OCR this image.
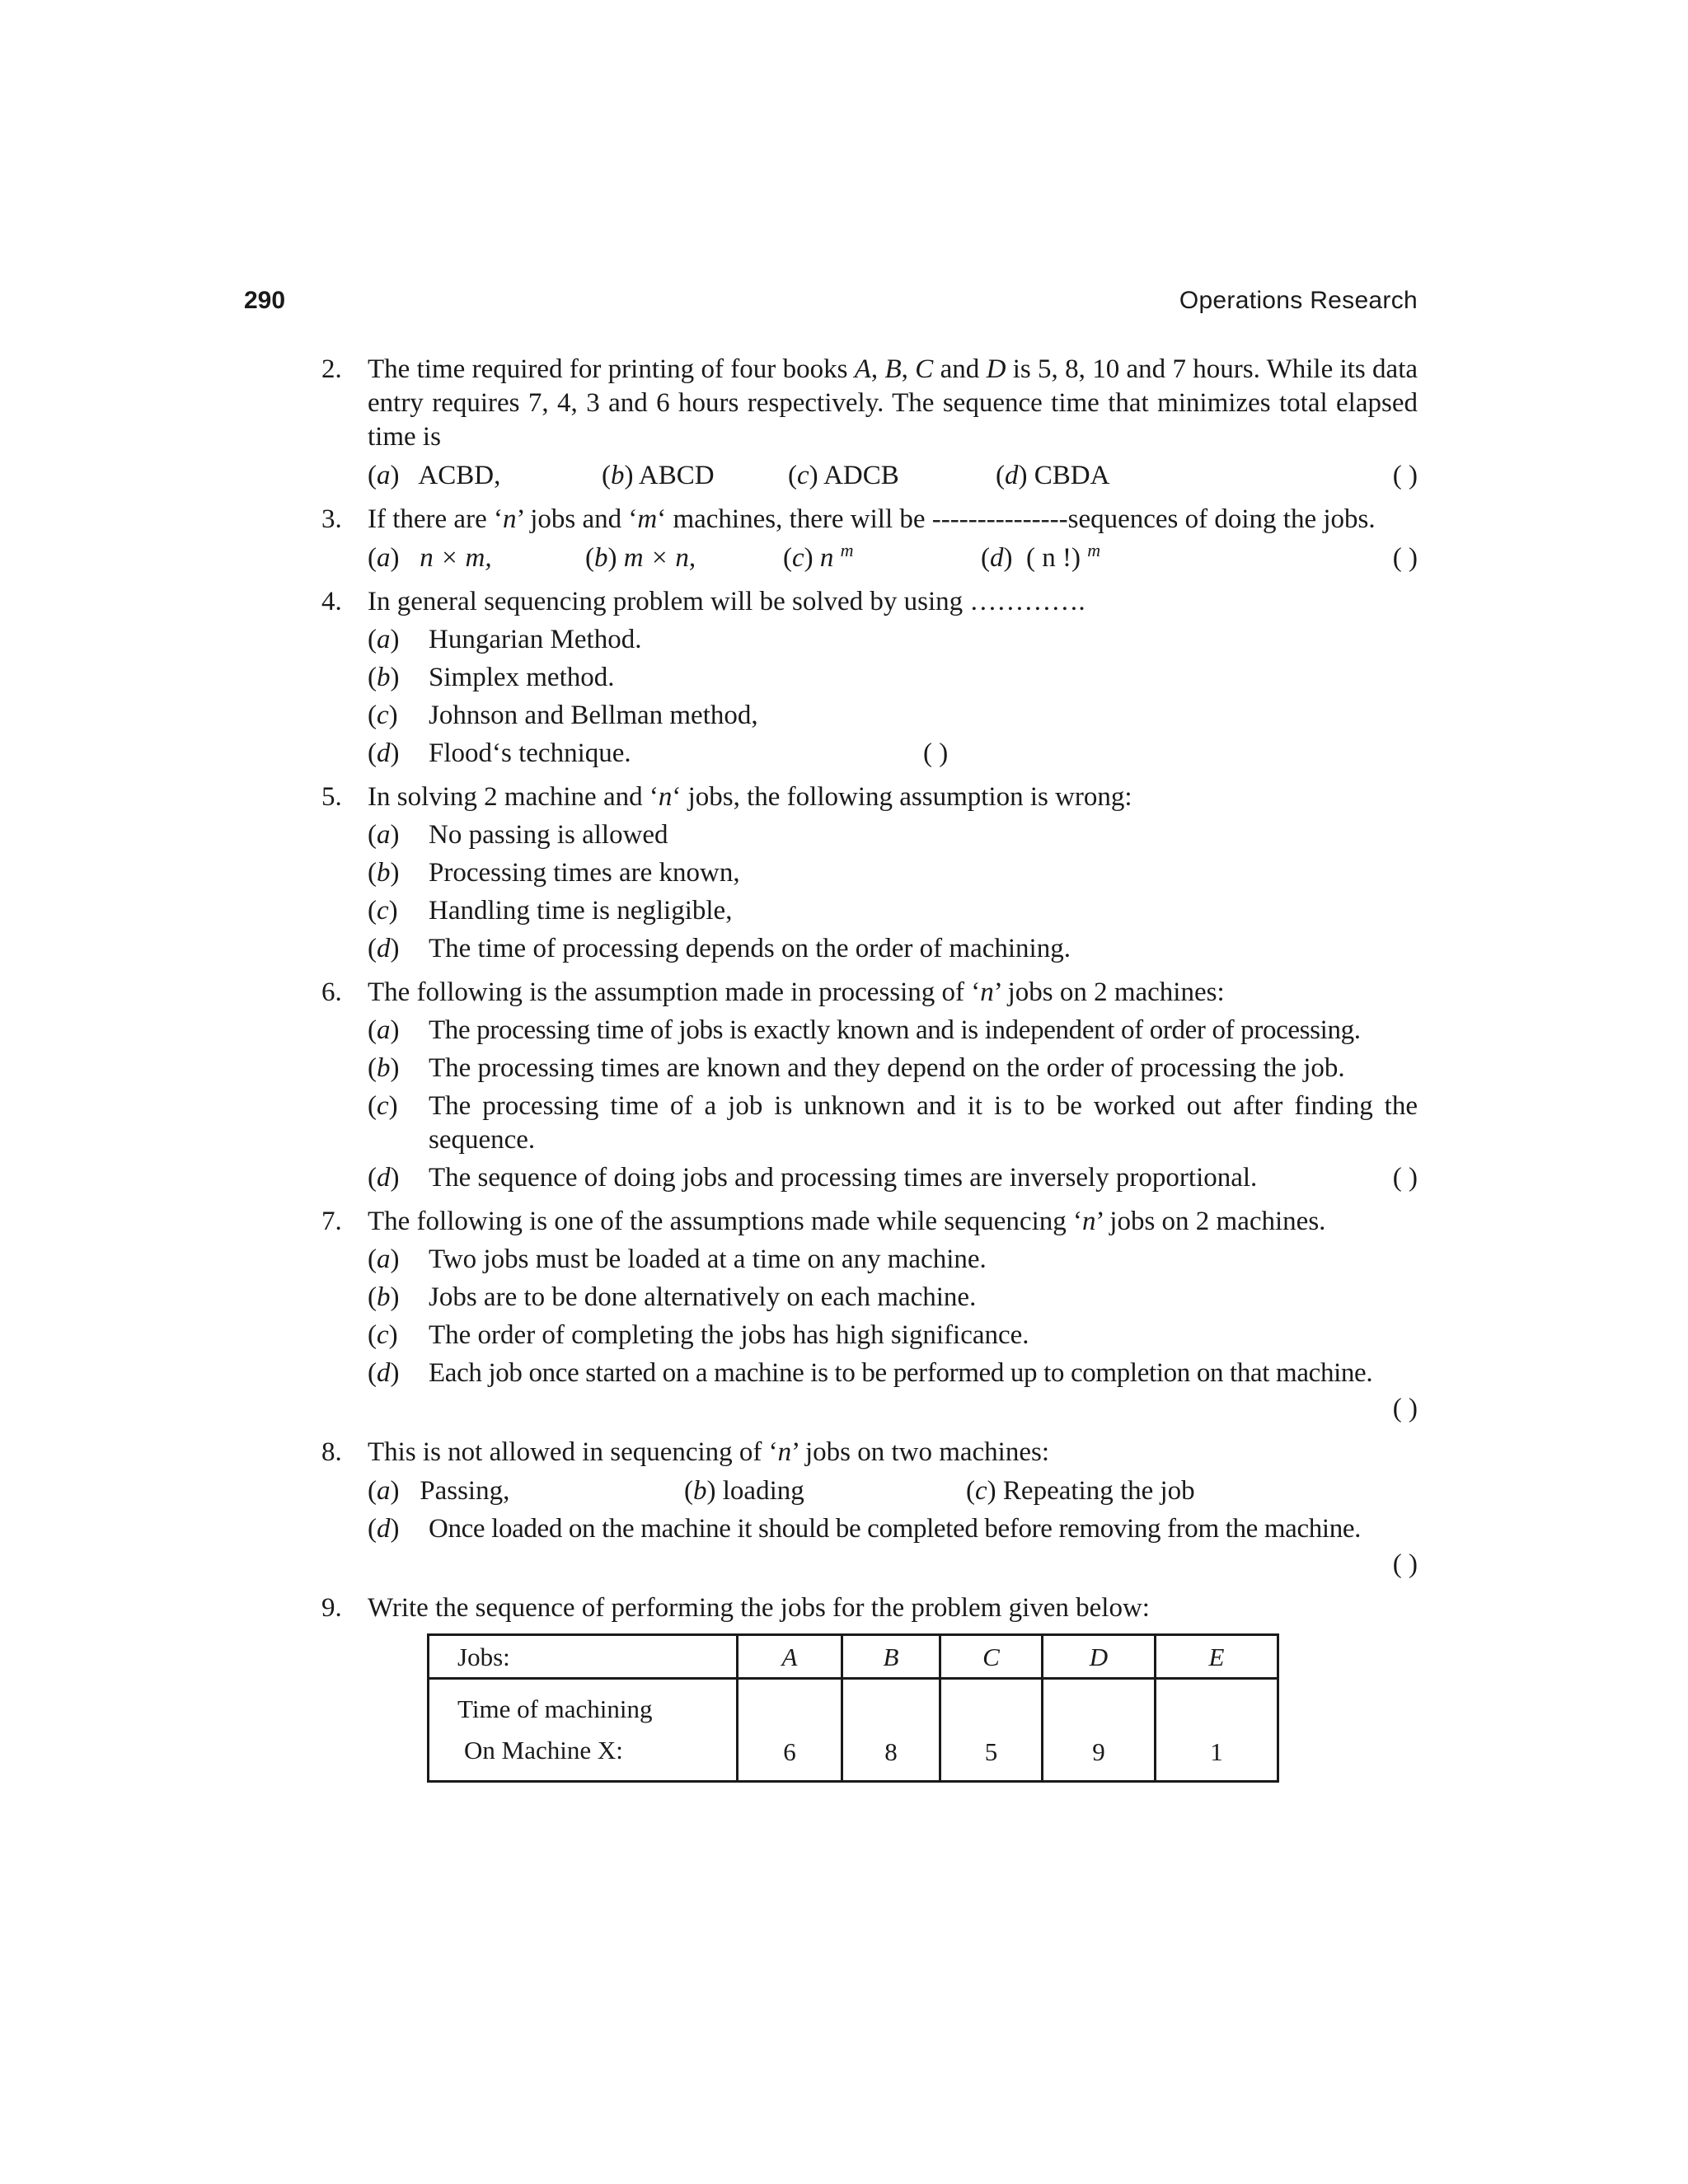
290	Operations Research
2. The time required for printing of four books A, B, C and D is 5, 8, 10 and 7 hours. While its data entry requires 7, 4, 3 and 6 hours respectively. The sequence time that minimizes total elapsed time is
(a)   ACBD,	(b) ABCD	(c) ADCB	(d) CBDA	( )
3. If there are ‘n’ jobs and ‘m‘ machines, there will be ---------------sequences of doing the jobs.
(a)   n × m,	(b) m × n,	(c) n $^m$	(d)  ( n !) $^m$	( )
4. In general sequencing problem will be solved by using ………….
(a) Hungarian Method.
(b) Simplex method.
(c) Johnson and Bellman method,
(d) Flood‘s technique.	( )
5. In solving 2 machine and ‘n‘ jobs, the following assumption is wrong:
(a) No passing is allowed
(b) Processing times are known,
(c) Handling time is negligible,
(d) The time of processing depends on the order of machining.
6. The following is the assumption made in processing of ‘n’ jobs on 2 machines:
(a) The processing time of jobs is exactly known and is independent of order of processing.
(b) The processing times are known and they depend on the order of processing the job.
(c) The processing time of a job is unknown and it is to be worked out after finding the sequence.
(d) The sequence of doing jobs and processing times are inversely proportional.	( )
7. The following is one of the assumptions made while sequencing ‘n’ jobs on 2 machines.
(a) Two jobs must be loaded at a time on any machine.
(b) Jobs are to be done alternatively on each machine.
(c) The order of completing the jobs has high significance.
(d) Each job once started on a machine is to be performed up to completion on that machine.
( )
8. This is not allowed in sequencing of ‘n’ jobs on two machines:
(a)   Passing,	(b) loading	(c) Repeating the job
(d) Once loaded on the machine it should be completed before removing from the machine.
( )
9. Write the sequence of performing the jobs for the problem given below:
Jobs:	A	B	C	D	E

Time of machining
On Machine X:	6	8	5	9	1
